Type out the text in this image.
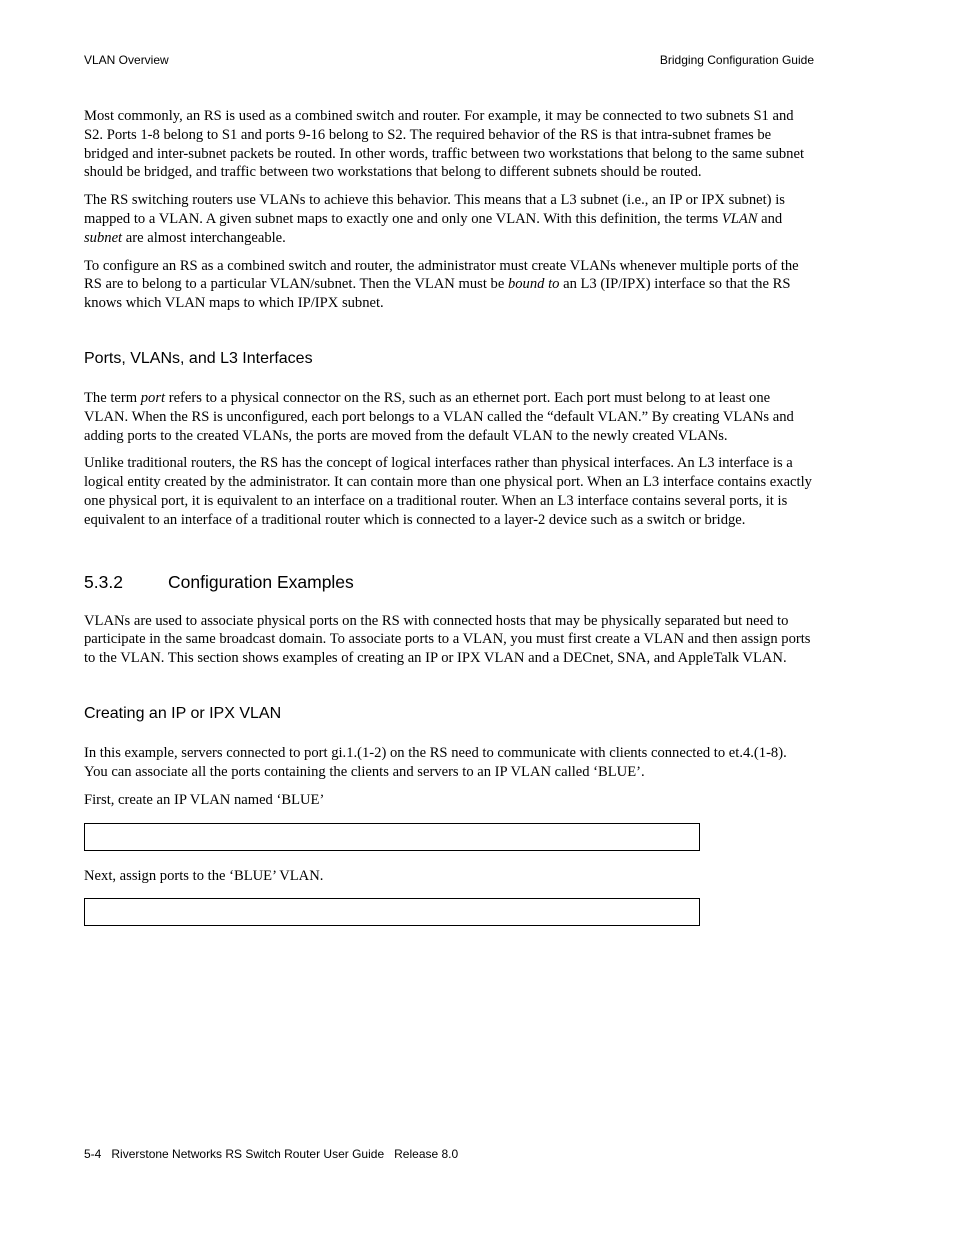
VLAN Overview	Bridging Configuration Guide

Most commonly, an RS is used as a combined switch and router. For example, it may be connected to two subnets S1 and S2. Ports 1-8 belong to S1 and ports 9-16 belong to S2. The required behavior of the RS is that intra-subnet frames be bridged and inter-subnet packets be routed. In other words, traffic between two workstations that belong to the same subnet should be bridged, and traffic between two workstations that belong to different subnets should be routed.

The RS switching routers use VLANs to achieve this behavior. This means that a L3 subnet (i.e., an IP or IPX subnet) is mapped to a VLAN. A given subnet maps to exactly one and only one VLAN. With this definition, the terms VLAN and subnet are almost interchangeable.

To configure an RS as a combined switch and router, the administrator must create VLANs whenever multiple ports of the RS are to belong to a particular VLAN/subnet. Then the VLAN must be bound to an L3 (IP/IPX) interface so that the RS knows which VLAN maps to which IP/IPX subnet.

Ports, VLANs, and L3 Interfaces

The term port refers to a physical connector on the RS, such as an ethernet port. Each port must belong to at least one VLAN. When the RS is unconfigured, each port belongs to a VLAN called the “default VLAN.” By creating VLANs and adding ports to the created VLANs, the ports are moved from the default VLAN to the newly created VLANs.

Unlike traditional routers, the RS has the concept of logical interfaces rather than physical interfaces. An L3 interface is a logical entity created by the administrator. It can contain more than one physical port. When an L3 interface contains exactly one physical port, it is equivalent to an interface on a traditional router. When an L3 interface contains several ports, it is equivalent to an interface of a traditional router which is connected to a layer-2 device such as a switch or bridge.

5.3.2	Configuration Examples

VLANs are used to associate physical ports on the RS with connected hosts that may be physically separated but need to participate in the same broadcast domain. To associate ports to a VLAN, you must first create a VLAN and then assign ports to the VLAN. This section shows examples of creating an IP or IPX VLAN and a DECnet, SNA, and AppleTalk VLAN.

Creating an IP or IPX VLAN

In this example, servers connected to port gi.1.(1-2) on the RS need to communicate with clients connected to et.4.(1-8). You can associate all the ports containing the clients and servers to an IP VLAN called ‘BLUE’.

First, create an IP VLAN named ‘BLUE’

Next, assign ports to the ‘BLUE’ VLAN.

5-4 Riverstone Networks RS Switch Router User Guide Release 8.0
